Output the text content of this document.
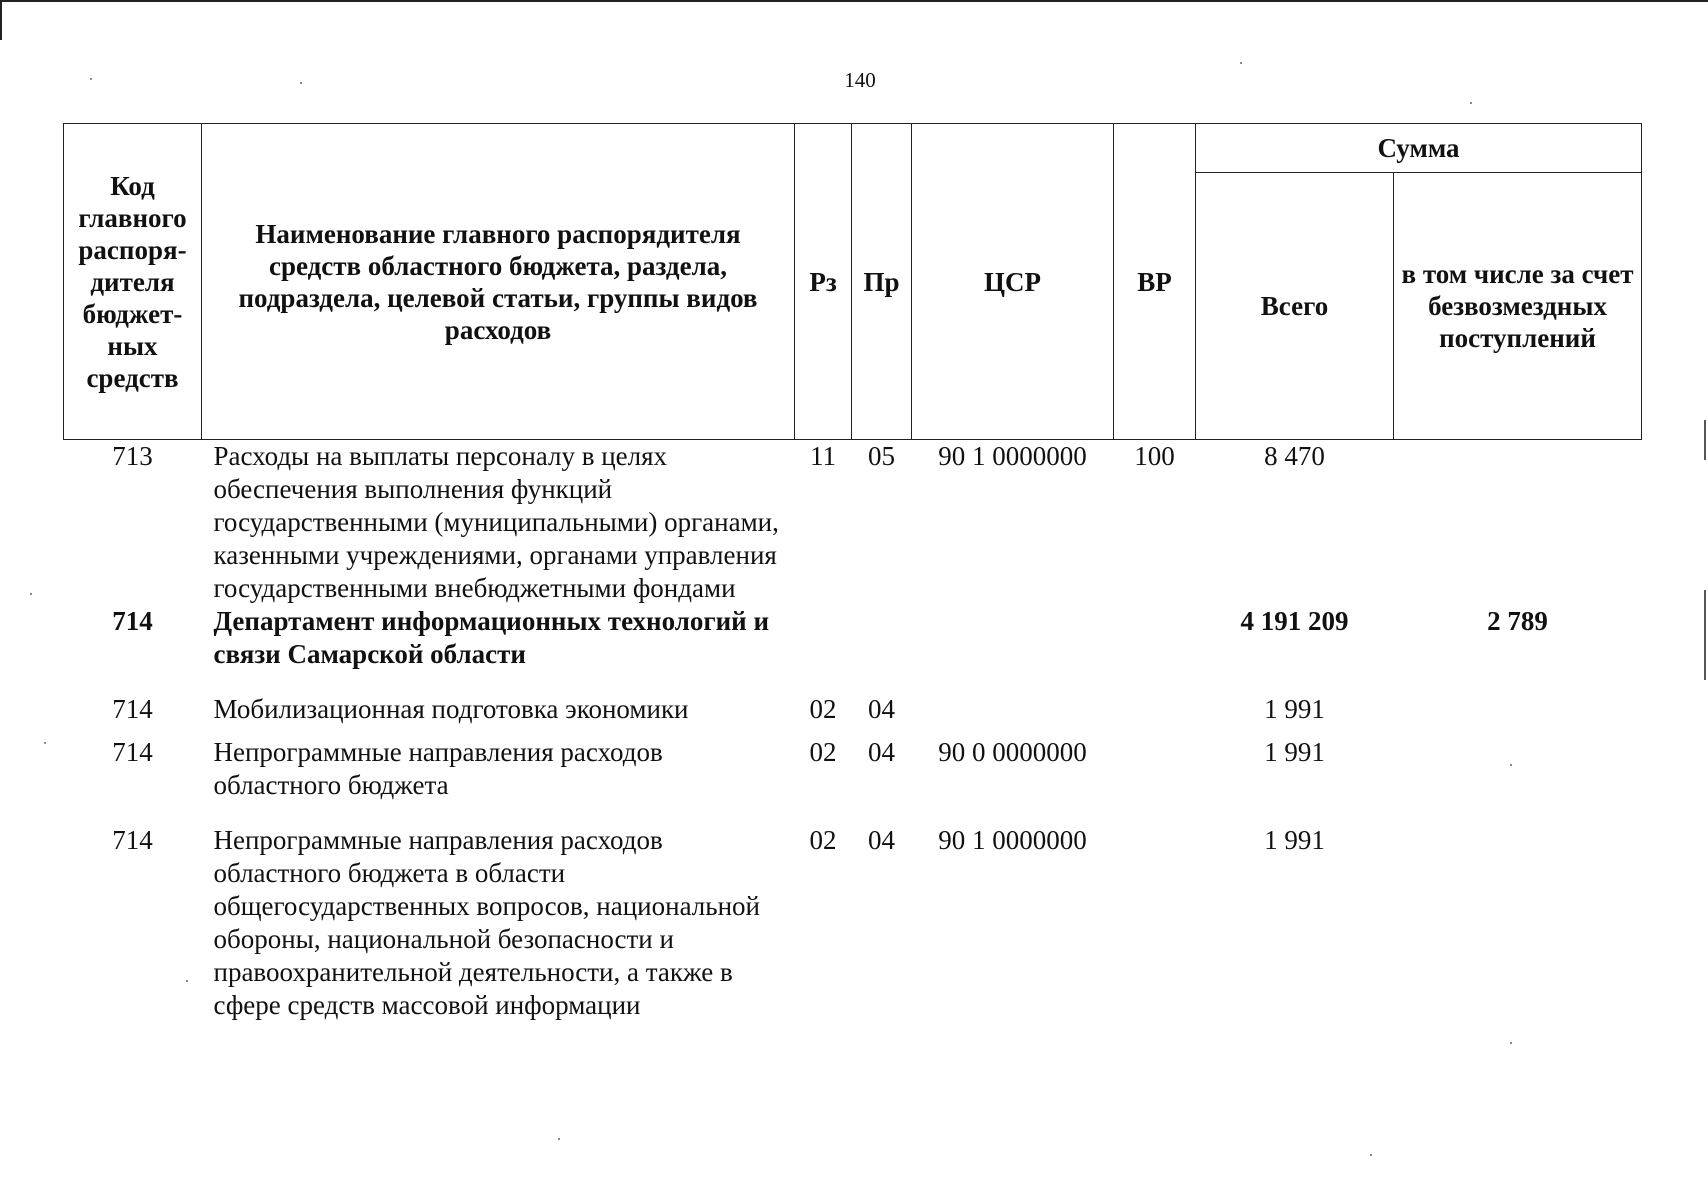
140
Код главного распоря-дителя бюджет-ных средств	Наименование главного распорядителя средств областного бюджета, раздела, подраздела, целевой статьи, группы видов расходов	Рз	Пр	ЦСР	ВР	Сумма	
						Всего	в том числе за счет безвозмездных поступлений
713	Расходы на выплаты персоналу в целях обеспечения выполнения функций государственными (муниципальными) органами, казенными учреждениями, органами управления государственными внебюджетными фондами	11	05	90 1 0000000	100	8 470	
714	Департамент информационных технологий и связи Самарской области					4 191 209	2 789
714	Мобилизационная подготовка экономики	02	04			1 991	
714	Непрограммные направления расходов областного бюджета	02	04	90 0 0000000		1 991	
714	Непрограммные направления расходов областного бюджета в области общегосударственных вопросов, национальной обороны, национальной безопасности и правоохранительной деятельности, а также в сфере средств массовой информации	02	04	90 1 0000000		1 991	
